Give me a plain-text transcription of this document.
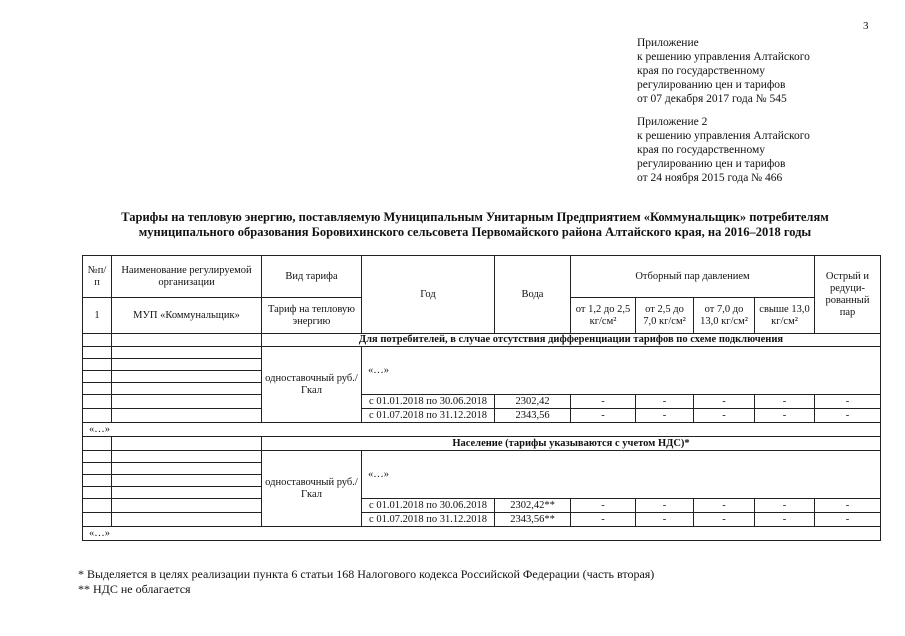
3
Приложение
к решению управления Алтайского
края по государственному
регулированию цен и тарифов
от 07 декабря 2017 года № 545
Приложение 2
к решению управления Алтайского
края по государственному
регулированию цен и тарифов
от 24 ноября 2015 года № 466
Тарифы на тепловую энергию, поставляемую Муниципальным Унитарным Предприятием «Коммунальщик» потребителям
муниципального образования Боровихинского сельсовета Первомайского района Алтайского края, на 2016–2018 годы
№п/п	Наименование регулируемой организации	Вид тарифа	Год	Вода	Отборный пар давлением				Острый и редуци-рованный пар
1	МУП «Коммунальщик»	Тариф на тепловую энергию			от 1,2 до 2,5 кг/см²	от 2,5 до 7,0 кг/см²	от 7,0 до 13,0 кг/см²	свыше 13,0 кг/см²	
		Для потребителей, в случае отсутствия дифференциации тарифов по схеме подключения							
		одноставочный руб./Гкал	«…»						

			с 01.01.2018 по 30.06.2018	2302,42	-	-	-	-	-
			с 01.07.2018 по 31.12.2018	2343,56	-	-	-	-	-
«…»									
		Население (тарифы указываются с учетом НДС)*							
		одноставочный руб./Гкал	«…»						

			с 01.01.2018 по 30.06.2018	2302,42**	-	-	-	-	-
			с 01.07.2018 по 31.12.2018	2343,56**	-	-	-	-	-
«…»									
* Выделяется в целях реализации пункта 6 статьи 168 Налогового кодекса Российской Федерации (часть вторая)
** НДС не облагается
